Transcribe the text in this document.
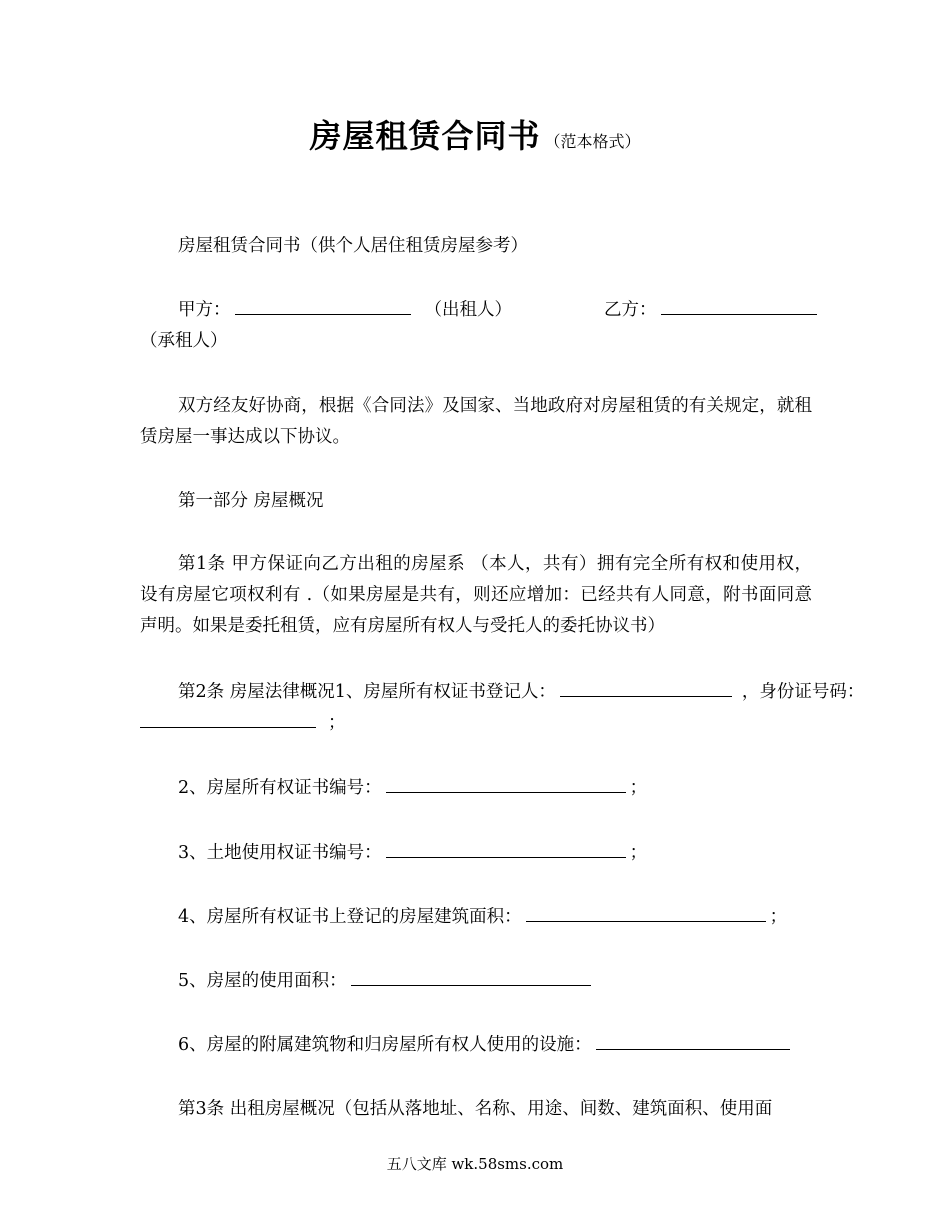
房屋租赁合同书 （范本格式）
房屋租赁合同书（供个人居住租赁房屋参考）
甲方：	（出租人）	乙方：
（承租人）
双方经友好协商，根据《合同法》及国家、当地政府对房屋租赁的有关规定，就租赁房屋一事达成以下协议。
第一部分 房屋概况
第1条 甲方保证向乙方出租的房屋系 （本人，共有）拥有完全所有权和使用权，设有房屋它项权利有 .（如果房屋是共有，则还应增加：已经共有人同意，附书面同意声明。如果是委托租赁，应有房屋所有权人与受托人的委托协议书）
第2条 房屋法律概况1、房屋所有权证书登记人：	，身份证号码：
；
2、房屋所有权证书编号：	；
3、土地使用权证书编号：	；
4、房屋所有权证书上登记的房屋建筑面积：	；
5、房屋的使用面积：
6、房屋的附属建筑物和归房屋所有权人使用的设施：
第3条 出租房屋概况（包括从落地址、名称、用途、间数、建筑面积、使用面
五八文库 wk.58sms.com
